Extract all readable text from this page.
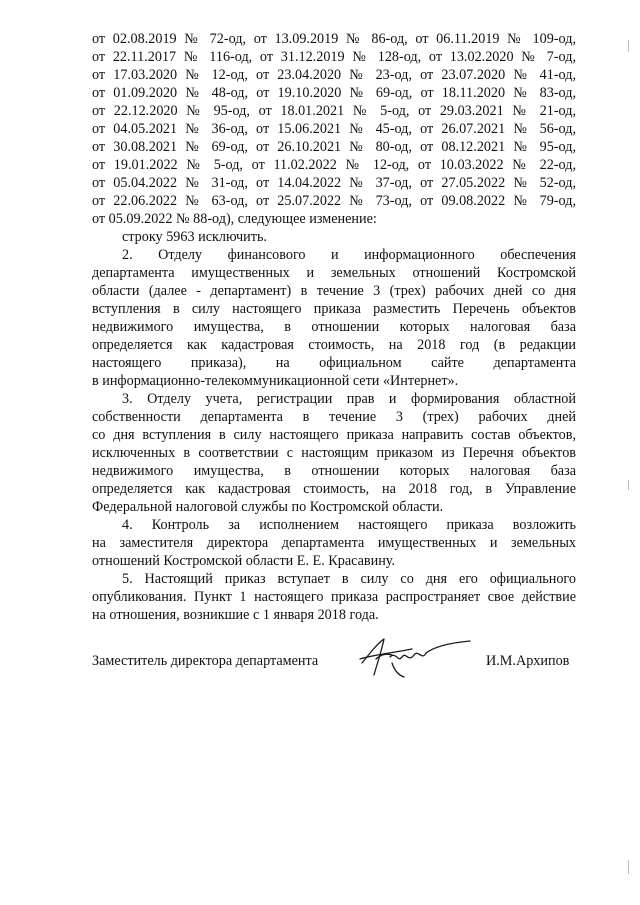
от 02.08.2019 № 72-од, от 13.09.2019 № 86-од, от 06.11.2019 № 109-од,
от 22.11.2017 № 116-од, от 31.12.2019 № 128-од, от 13.02.2020 № 7-од,
от 17.03.2020 № 12-од, от 23.04.2020 № 23-од, от 23.07.2020 № 41-од,
от 01.09.2020 № 48-од, от 19.10.2020 № 69-од, от 18.11.2020 № 83-од,
от 22.12.2020 № 95-од, от 18.01.2021 № 5-од, от 29.03.2021 № 21-од,
от 04.05.2021 № 36-од, от 15.06.2021 № 45-од, от 26.07.2021 № 56-од,
от 30.08.2021 № 69-од, от 26.10.2021 № 80-од, от 08.12.2021 № 95-од,
от 19.01.2022 № 5-од, от 11.02.2022 № 12-од, от 10.03.2022 № 22-од,
от 05.04.2022 № 31-од, от 14.04.2022 № 37-од, от 27.05.2022 № 52-од,
от 22.06.2022 № 63-од, от 25.07.2022 № 73-од, от 09.08.2022 № 79-од,
от 05.09.2022 № 88-од), следующее изменение:
строку 5963 исключить.
2. Отделу финансового и информационного обеспечения
департамента имущественных и земельных отношений Костромской
области (далее - департамент) в течение 3 (трех) рабочих дней со дня
вступления в силу настоящего приказа разместить Перечень объектов
недвижимого имущества, в отношении которых налоговая база
определяется как кадастровая стоимость, на 2018 год (в редакции
настоящего приказа), на официальном сайте департамента
в информационно-телекоммуникационной сети «Интернет».
3. Отделу учета, регистрации прав и формирования областной
собственности департамента в течение 3 (трех) рабочих дней
со дня вступления в силу настоящего приказа направить состав объектов,
исключенных в соответствии с настоящим приказом из Перечня объектов
недвижимого имущества, в отношении которых налоговая база
определяется как кадастровая стоимость, на 2018 год, в Управление
Федеральной налоговой службы по Костромской области.
4. Контроль за исполнением настоящего приказа возложить
на заместителя директора департамента имущественных и земельных
отношений Костромской области Е. Е. Красавину.
5. Настоящий приказ вступает в силу со дня его официального
опубликования. Пункт 1 настоящего приказа распространяет свое действие
на отношения, возникшие с 1 января 2018 года.
Заместитель директора департамента	И.М.Архипов
